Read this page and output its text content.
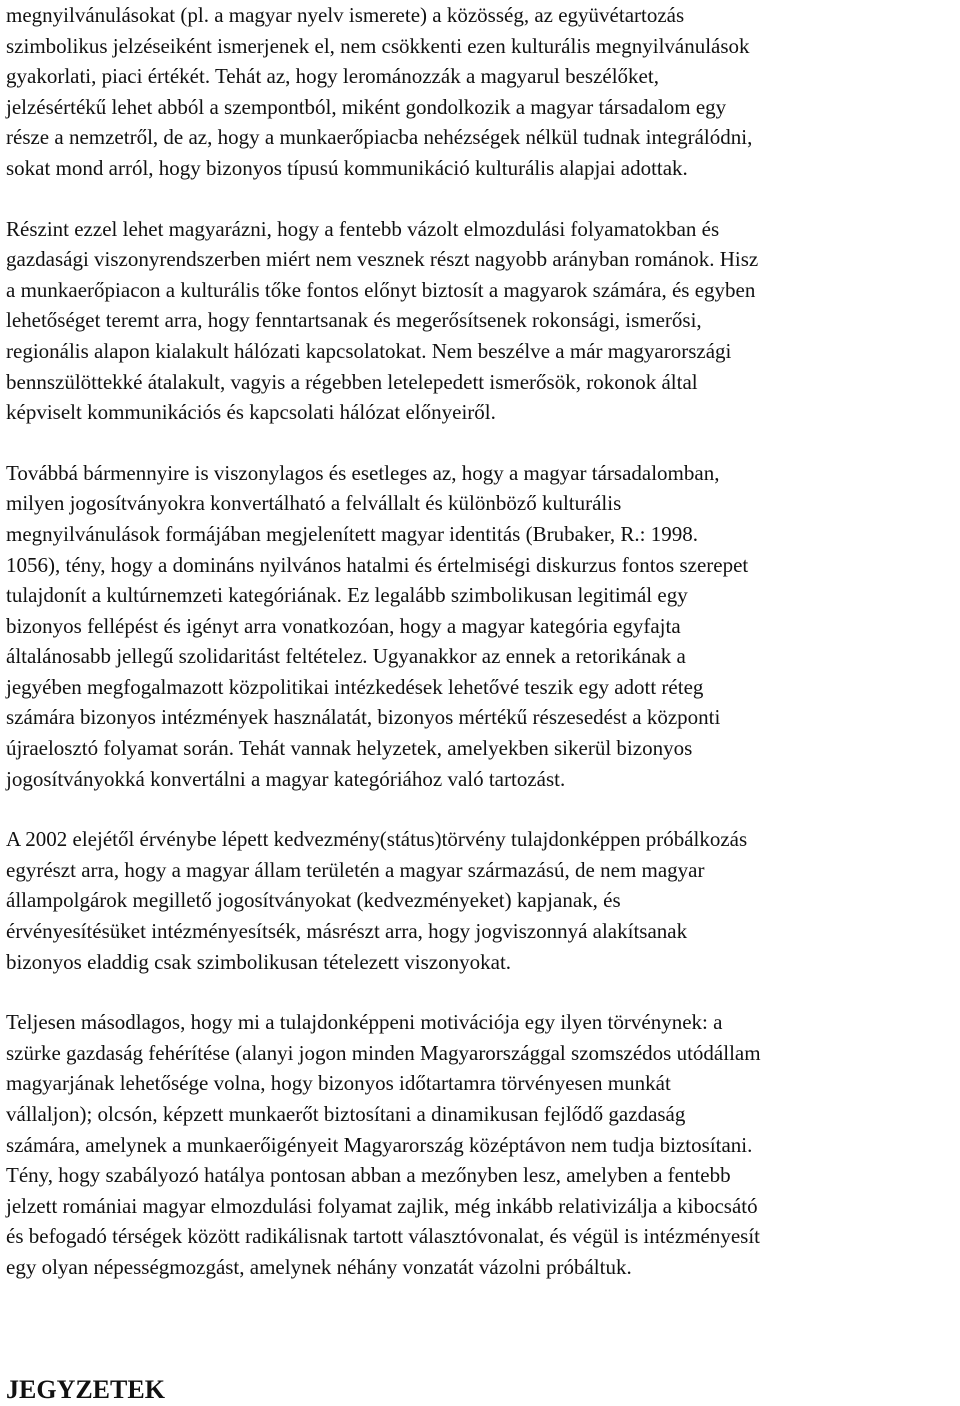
megnyilvánulásokat (pl. a magyar nyelv ismerete) a közösség, az együvétartozás
szimbolikus jelzéseiként ismerjenek el, nem csökkenti ezen kulturális megnyilvánulások
gyakorlati, piaci értékét. Tehát az, hogy lerománozzák a magyarul beszélőket,
jelzésértékű lehet abból a szempontból, miként gondolkozik a magyar társadalom egy
része a nemzetről, de az, hogy a munkaerőpiacba nehézségek nélkül tudnak integrálódni,
sokat mond arról, hogy bizonyos típusú kommunikáció kulturális alapjai adottak.

Részint ezzel lehet magyarázni, hogy a fentebb vázolt elmozdulási folyamatokban és
gazdasági viszonyrendszerben miért nem vesznek részt nagyobb arányban románok. Hisz
a munkaerőpiacon a kulturális tőke fontos előnyt biztosít a magyarok számára, és egyben
lehetőséget teremt arra, hogy fenntartsanak és megerősítsenek rokonsági, ismerősi,
regionális alapon kialakult hálózati kapcsolatokat. Nem beszélve a már magyarországi
bennszülöttekké átalakult, vagyis a régebben letelepedett ismerősök, rokonok által
képviselt kommunikációs és kapcsolati hálózat előnyeiről.

Továbbá bármennyire is viszonylagos és esetleges az, hogy a magyar társadalomban,
milyen jogosítványokra konvertálható a felvállalt és különböző kulturális
megnyilvánulások formájában megjelenített magyar identitás (Brubaker, R.: 1998.
1056), tény, hogy a domináns nyilvános hatalmi és értelmiségi diskurzus fontos szerepet
tulajdonít a kultúrnemzeti kategóriának. Ez legalább szimbolikusan legitimál egy
bizonyos fellépést és igényt arra vonatkozóan, hogy a magyar kategória egyfajta
általánosabb jellegű szolidaritást feltételez. Ugyanakkor az ennek a retorikának a
jegyében megfogalmazott közpolitikai intézkedések lehetővé teszik egy adott réteg
számára bizonyos intézmények használatát, bizonyos mértékű részesedést a központi
újraelosztó folyamat során. Tehát vannak helyzetek, amelyekben sikerül bizonyos
jogosítványokká konvertálni a magyar kategóriához való tartozást.

A 2002 elejétől érvénybe lépett kedvezmény(státus)törvény tulajdonképpen próbálkozás
egyrészt arra, hogy a magyar állam területén a magyar származású, de nem magyar
állampolgárok megillető jogosítványokat (kedvezményeket) kapjanak, és
érvényesítésüket intézményesítsék, másrészt arra, hogy jogviszonnyá alakítsanak
bizonyos eladdig csak szimbolikusan tételezett viszonyokat.

Teljesen másodlagos, hogy mi a tulajdonképpeni motivációja egy ilyen törvénynek: a
szürke gazdaság fehérítése (alanyi jogon minden Magyarországgal szomszédos utódállam
magyarjának lehetősége volna, hogy bizonyos időtartamra törvényesen munkát
vállaljon); olcsón, képzett munkaerőt biztosítani a dinamikusan fejlődő gazdaság
számára, amelynek a munkaerőigényeit Magyarország középtávon nem tudja biztosítani.
Tény, hogy szabályozó hatálya pontosan abban a mezőnyben lesz, amelyben a fentebb
jelzett romániai magyar elmozdulási folyamat zajlik, még inkább relativizálja a kibocsátó
és befogadó térségek között radikálisnak tartott választóvonalat, és végül is intézményesít
egy olyan népességmozgást, amelynek néhány vonzatát vázolni próbáltuk.

JEGYZETEK
